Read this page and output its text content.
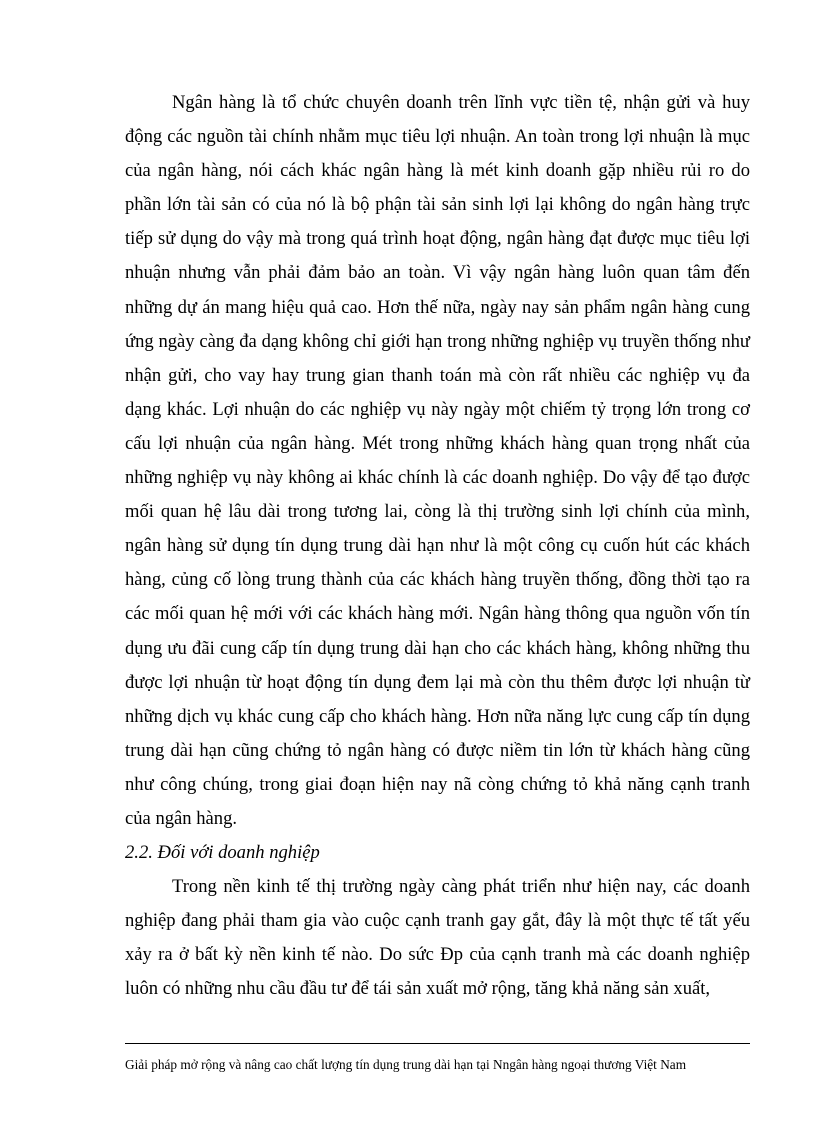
Ngân hàng là tổ chức chuyên doanh trên lĩnh vực tiền tệ, nhận gửi và huy động các nguồn tài chính nhằm mục tiêu lợi nhuận. An toàn trong lợi nhuận là mục của ngân hàng, nói cách khác ngân hàng là mét kinh doanh gặp nhiều rủi ro do phần lớn tài sản có của nó là bộ phận tài sản sinh lợi lại không do ngân hàng trực tiếp sử dụng do vậy mà trong quá trình hoạt động, ngân hàng đạt được mục tiêu lợi nhuận nhưng vẫn phải đảm bảo an toàn. Vì vậy ngân hàng luôn quan tâm đến những dự án mang hiệu quả cao. Hơn thế nữa, ngày nay sản phẩm ngân hàng cung ứng ngày càng đa dạng không chỉ giới hạn trong những nghiệp vụ truyền thống như nhận gửi, cho vay hay trung gian thanh toán mà còn rất nhiều các nghiệp vụ đa dạng khác. Lợi nhuận do các nghiệp vụ này ngày một chiếm tỷ trọng lớn trong cơ cấu lợi nhuận của ngân hàng. Mét trong những khách hàng quan trọng nhất của những nghiệp vụ này không ai khác chính là các doanh nghiệp. Do vậy để tạo được mối quan hệ lâu dài trong tương lai, còng là thị trường sinh lợi chính của mình, ngân hàng sử dụng tín dụng trung dài hạn như là một công cụ cuốn hút các khách hàng, củng cố lòng trung thành của các khách hàng truyền thống, đồng thời tạo ra các mối quan hệ mới với các khách hàng mới. Ngân hàng thông qua nguồn vốn tín dụng ưu đãi cung cấp tín dụng trung dài hạn cho các khách hàng, không những thu được lợi nhuận từ hoạt động tín dụng đem lại mà còn thu thêm được lợi nhuận từ những dịch vụ khác cung cấp cho khách hàng. Hơn nữa năng lực cung cấp tín dụng trung dài hạn cũng chứng tỏ ngân hàng có được niềm tin lớn từ khách hàng cũng như công chúng, trong giai đoạn hiện nay nã còng chứng tỏ khả năng cạnh tranh của ngân hàng.

2.2. Đối với doanh nghiệp

Trong nền kinh tế thị trường ngày càng phát triển như hiện nay, các doanh nghiệp đang phải tham gia vào cuộc cạnh tranh gay gắt, đây là một thực tế tất yếu xảy ra ở bất kỳ nền kinh tế nào. Do sức Ðp của cạnh tranh mà các doanh nghiệp luôn có những nhu cầu đầu tư để tái sản xuất mở rộng, tăng khả năng sản xuất,

Giải pháp mở rộng và nâng cao chất lượng tín dụng trung dài hạn tại Nngân hàng ngoại thương Việt Nam
